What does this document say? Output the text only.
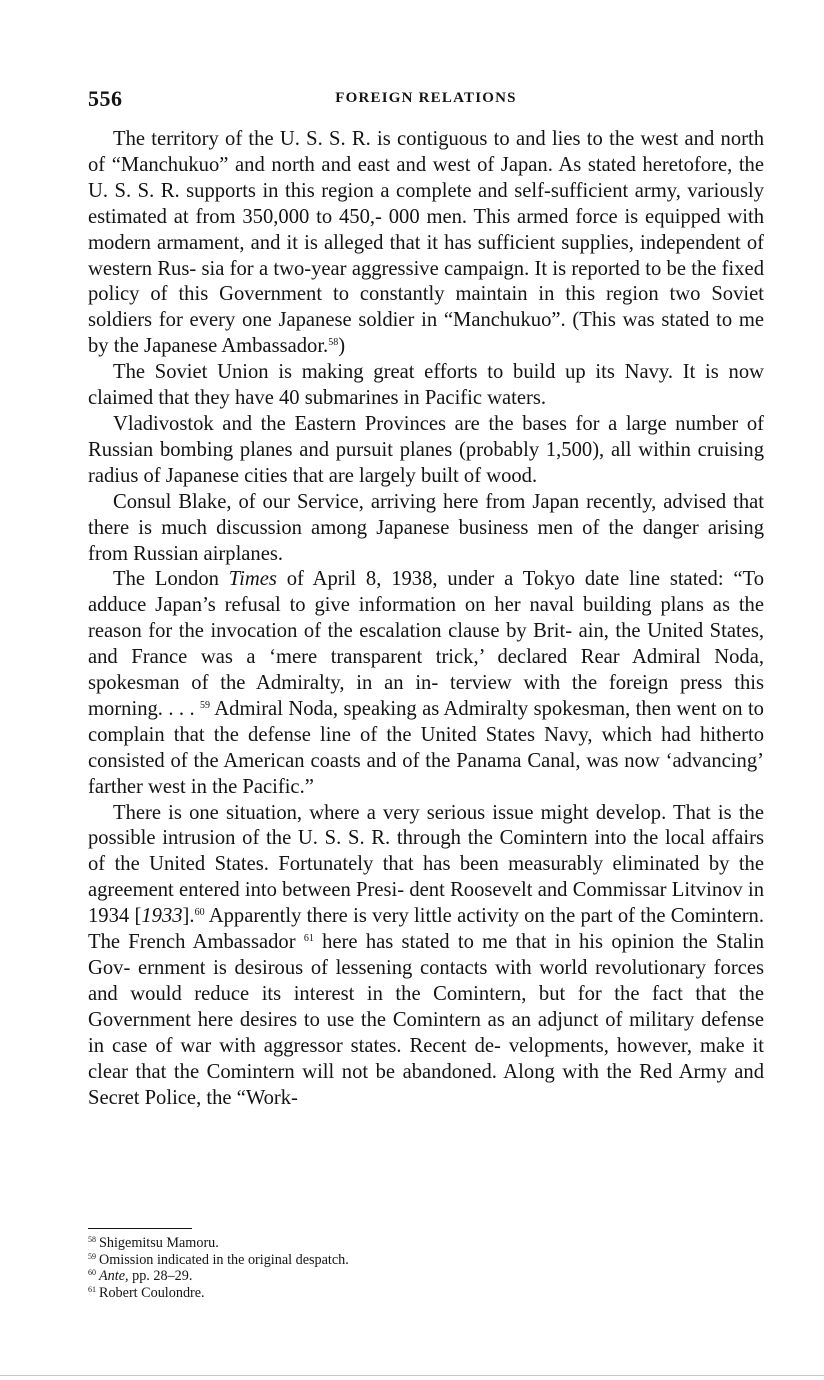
556	FOREIGN RELATIONS

The territory of the U. S. S. R. is contiguous to and lies to the west and north of “Manchukuo” and north and east and west of Japan. As stated heretofore, the U. S. S. R. supports in this region a complete and self-sufficient army, variously estimated at from 350,000 to 450,- 000 men. This armed force is equipped with modern armament, and it is alleged that it has sufficient supplies, independent of western Rus- sia for a two-year aggressive campaign. It is reported to be the fixed policy of this Government to constantly maintain in this region two Soviet soldiers for every one Japanese soldier in “Manchukuo”. (This was stated to me by the Japanese Ambassador.$^{58}$)

The Soviet Union is making great efforts to build up its Navy. It is now claimed that they have 40 submarines in Pacific waters.

Vladivostok and the Eastern Provinces are the bases for a large number of Russian bombing planes and pursuit planes (probably 1,500), all within cruising radius of Japanese cities that are largely built of wood.

Consul Blake, of our Service, arriving here from Japan recently, advised that there is much discussion among Japanese business men of the danger arising from Russian airplanes.

The London Times of April 8, 1938, under a Tokyo date line stated: “To adduce Japan’s refusal to give information on her naval building plans as the reason for the invocation of the escalation clause by Brit- ain, the United States, and France was a ‘mere transparent trick,’ declared Rear Admiral Noda, spokesman of the Admiralty, in an in- terview with the foreign press this morning. . . . $^{59}$ Admiral Noda, speaking as Admiralty spokesman, then went on to complain that the defense line of the United States Navy, which had hitherto consisted of the American coasts and of the Panama Canal, was now ‘advancing’ farther west in the Pacific.”

There is one situation, where a very serious issue might develop. That is the possible intrusion of the U. S. S. R. through the Comintern into the local affairs of the United States. Fortunately that has been measurably eliminated by the agreement entered into between Presi- dent Roosevelt and Commissar Litvinov in 1934 [1933].$^{60}$ Apparently there is very little activity on the part of the Comintern. The French Ambassador $^{61}$ here has stated to me that in his opinion the Stalin Gov- ernment is desirous of lessening contacts with world revolutionary forces and would reduce its interest in the Comintern, but for the fact that the Government here desires to use the Comintern as an adjunct of military defense in case of war with aggressor states. Recent de- velopments, however, make it clear that the Comintern will not be abandoned. Along with the Red Army and Secret Police, the “Work-

$^{58}$ Shigemitsu Mamoru.

$^{59}$ Omission indicated in the original despatch.

$^{60}$ Ante, pp. 28–29.

$^{61}$ Robert Coulondre.
